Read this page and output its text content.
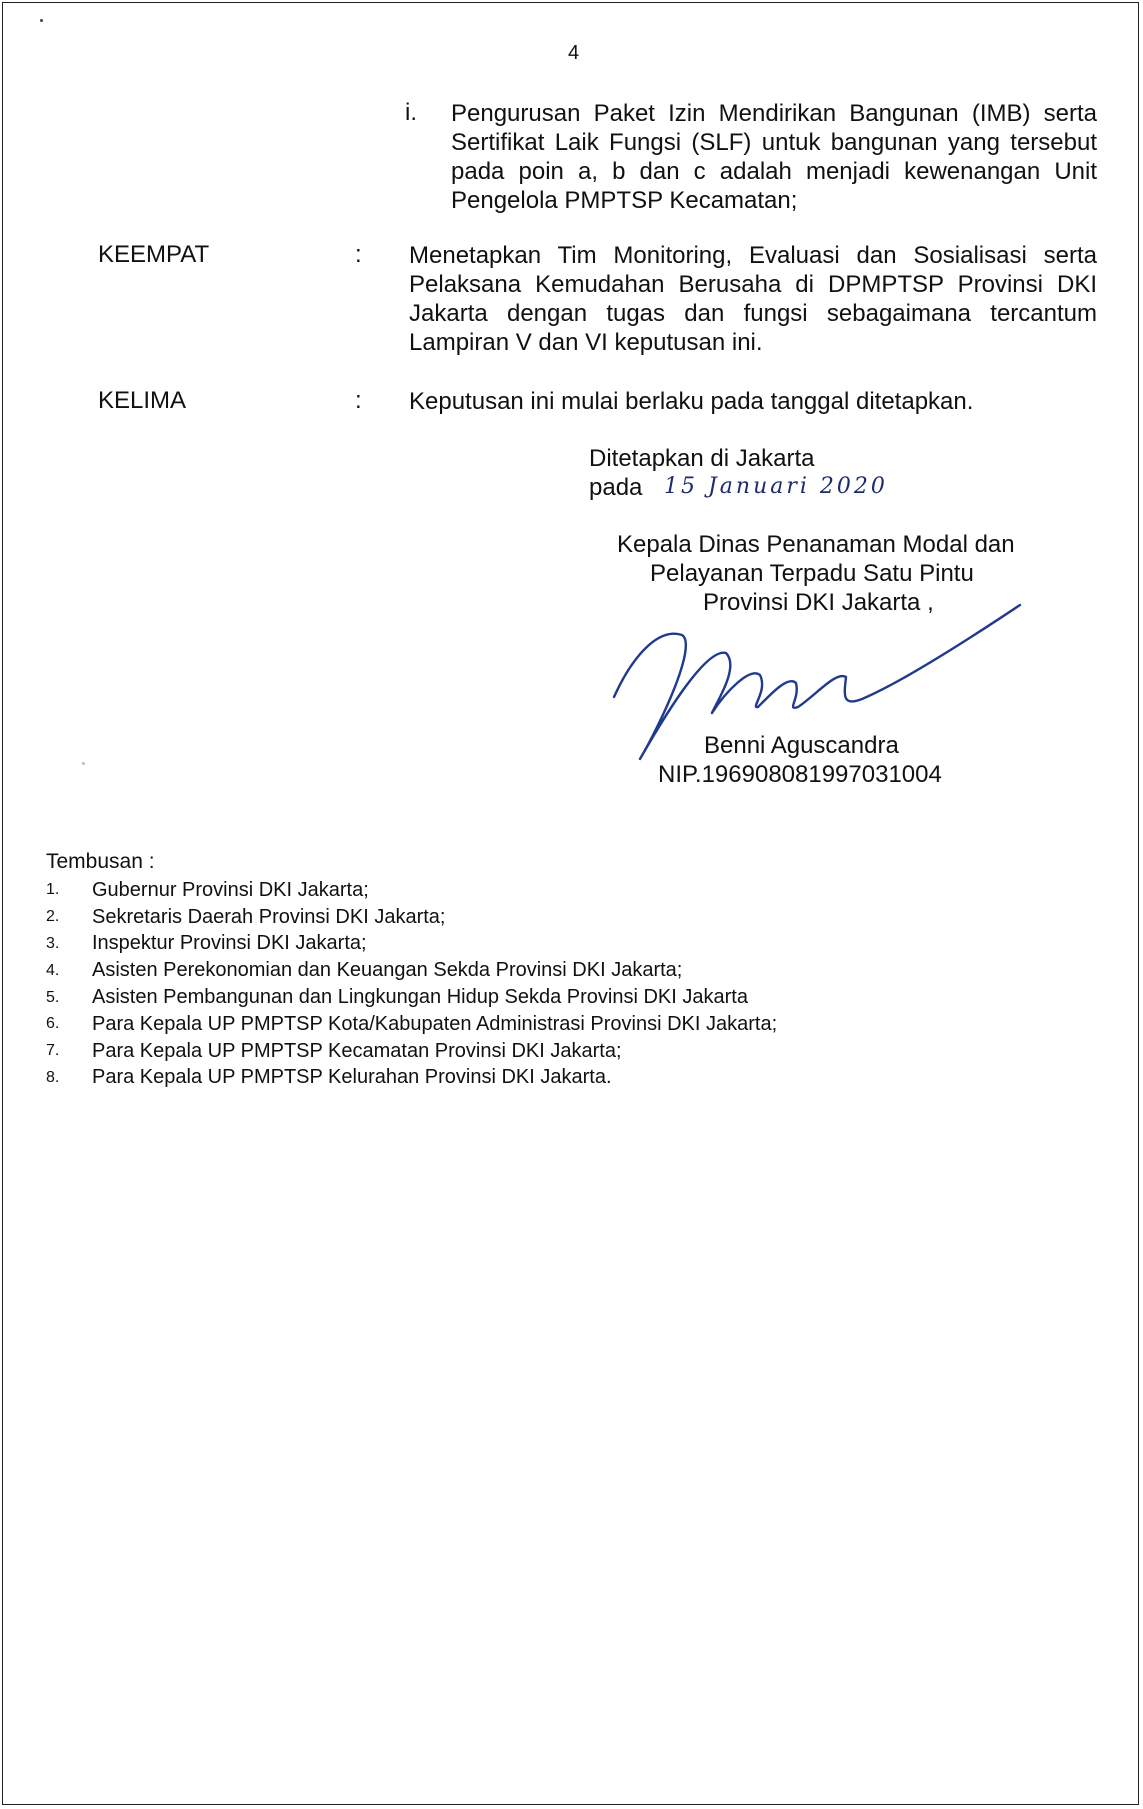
4
i. Pengurusan Paket Izin Mendirikan Bangunan (IMB) serta Sertifikat Laik Fungsi (SLF) untuk bangunan yang tersebut pada poin a, b dan c adalah menjadi kewenangan Unit Pengelola PMPTSP Kecamatan;
KEEMPAT	: Menetapkan Tim Monitoring, Evaluasi dan Sosialisasi serta Pelaksana Kemudahan Berusaha di DPMPTSP Provinsi DKI Jakarta dengan tugas dan fungsi sebagaimana tercantum Lampiran V dan VI keputusan ini.
KELIMA	: Keputusan ini mulai berlaku pada tanggal ditetapkan.
Ditetapkan di Jakarta
pada 15 Januari 2020
Kepala Dinas Penanaman Modal dan
Pelayanan Terpadu Satu Pintu
Provinsi DKI Jakarta ,
Benni Aguscandra
NIP.196908081997031004
Tembusan :
1.	Gubernur Provinsi DKI Jakarta;
2.	Sekretaris Daerah Provinsi DKI Jakarta;
3.	Inspektur Provinsi DKI Jakarta;
4.	Asisten Perekonomian dan Keuangan Sekda Provinsi DKI Jakarta;
5.	Asisten Pembangunan dan Lingkungan Hidup Sekda Provinsi DKI Jakarta
6.	Para Kepala UP PMPTSP Kota/Kabupaten Administrasi Provinsi DKI Jakarta;
7.	Para Kepala UP PMPTSP Kecamatan Provinsi DKI Jakarta;
8.	Para Kepala UP PMPTSP Kelurahan Provinsi DKI Jakarta.
